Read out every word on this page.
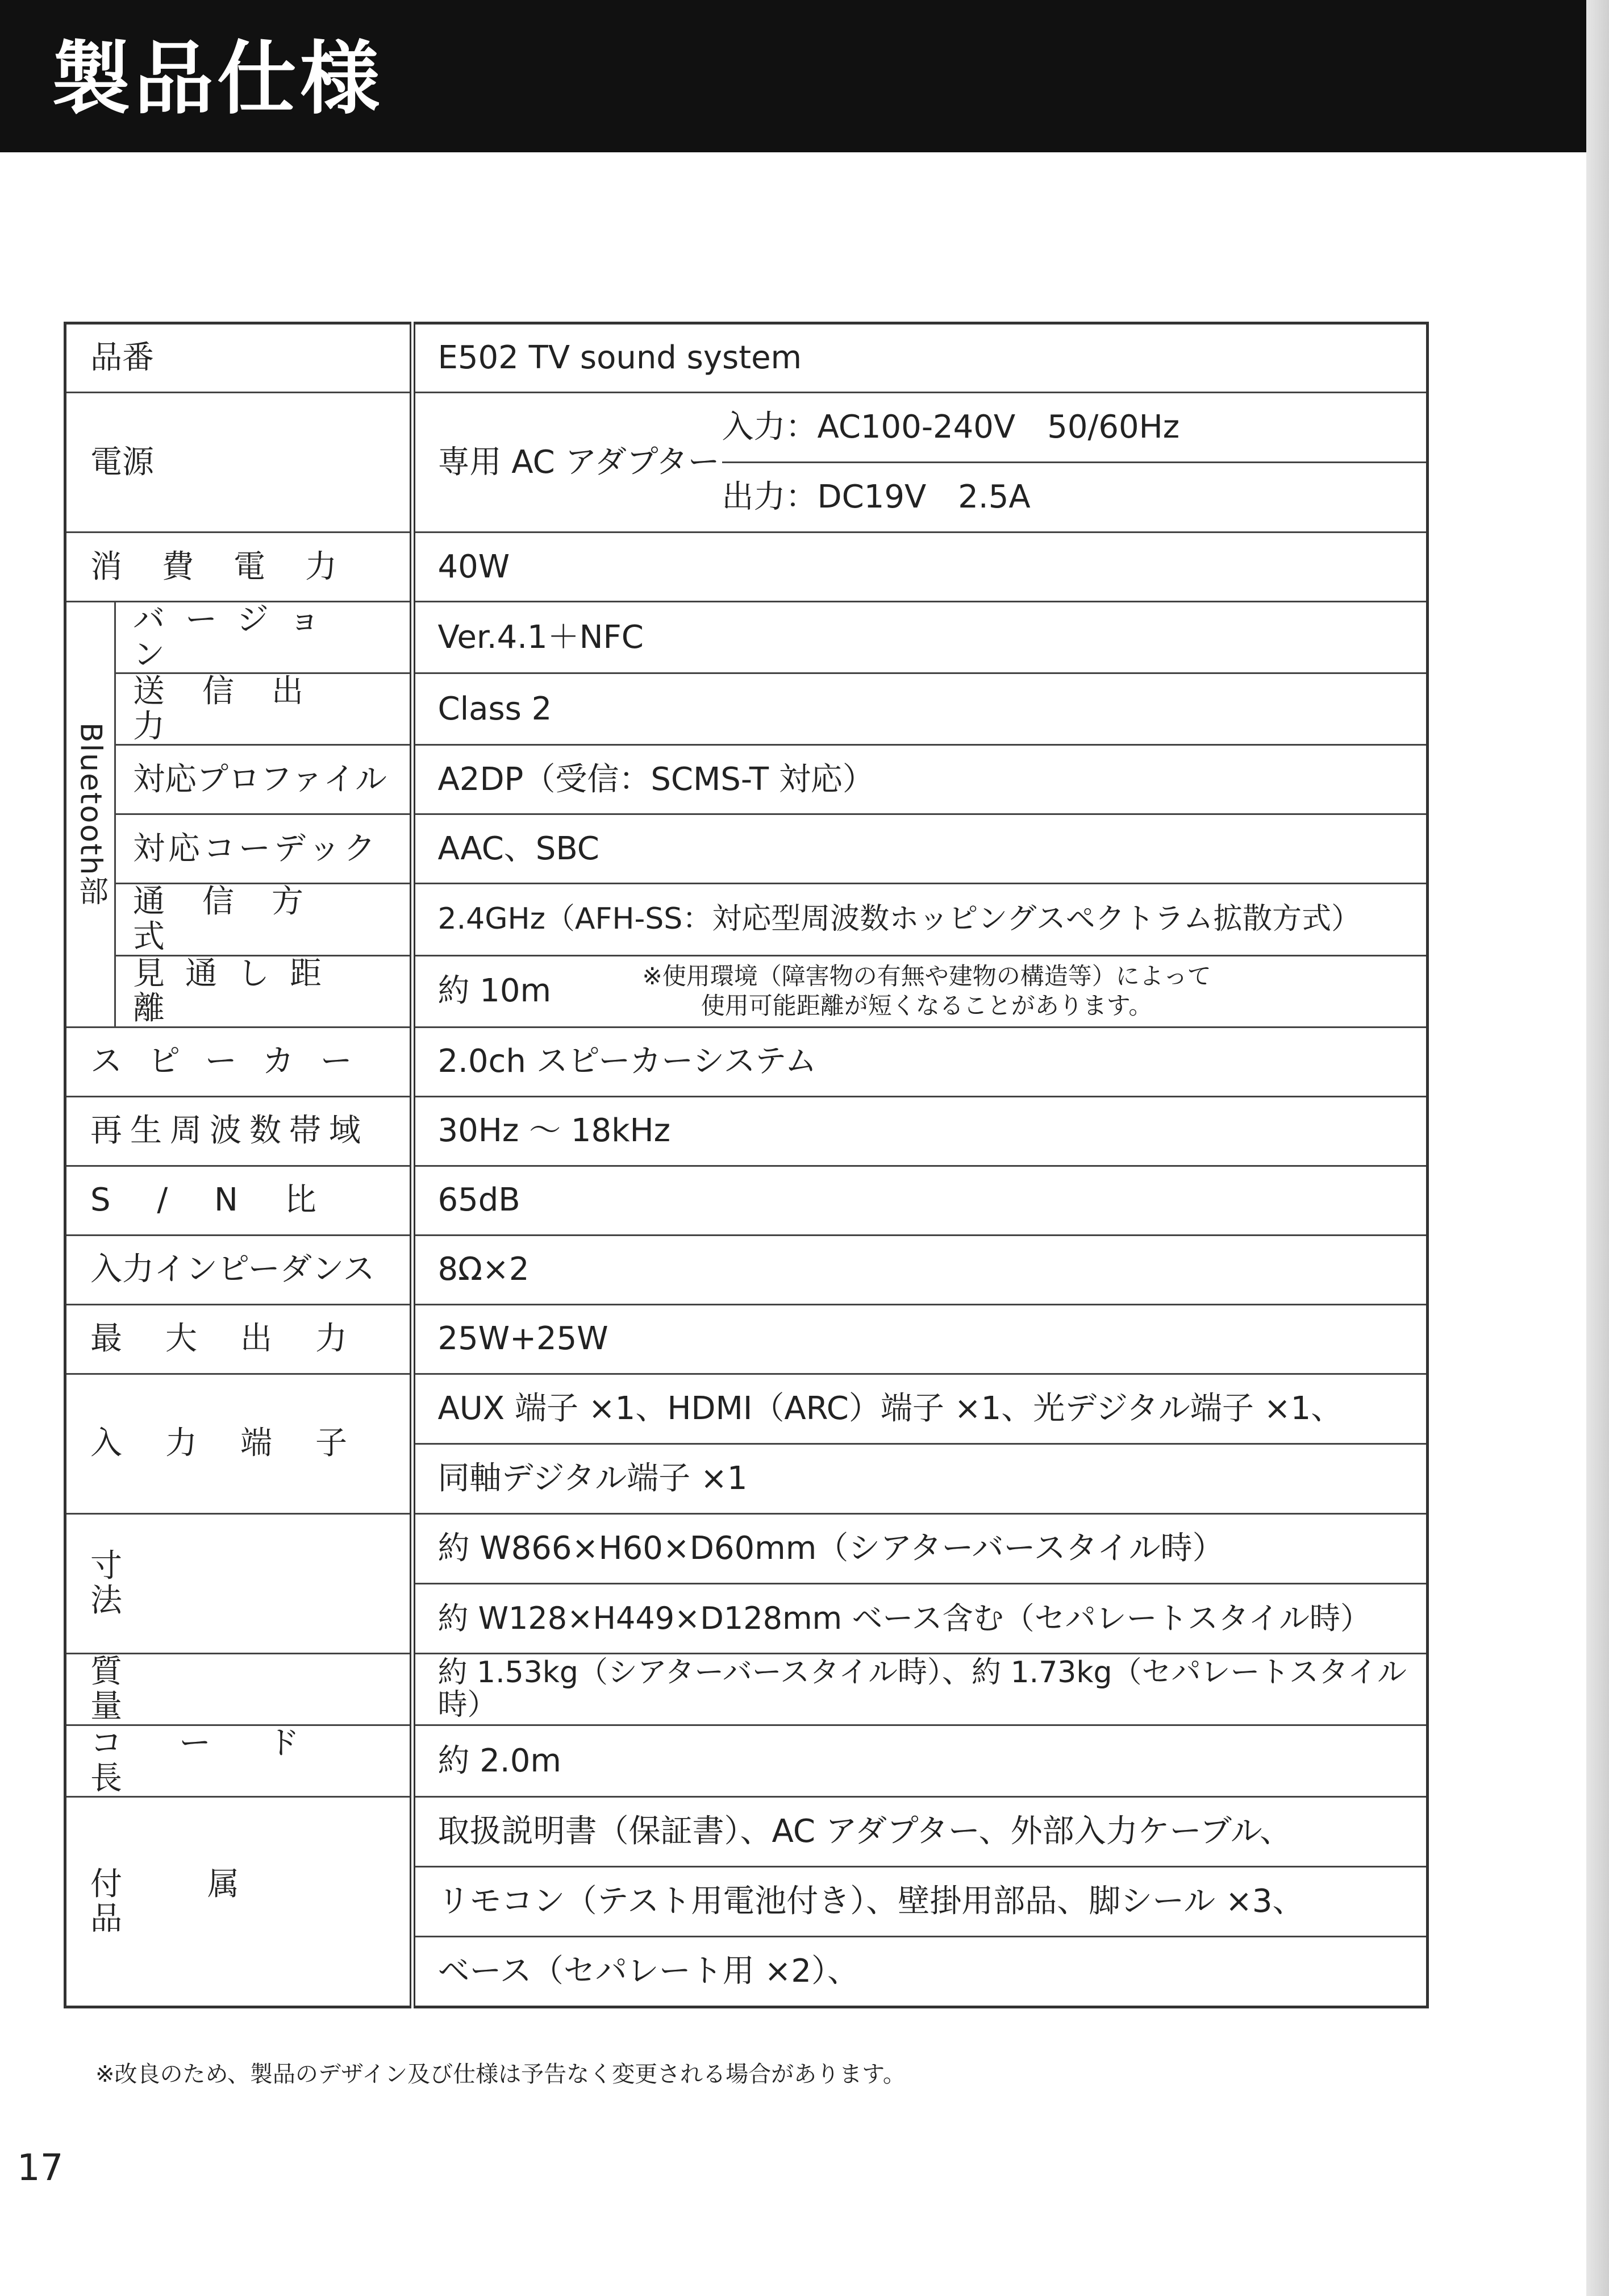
製品仕様
品番		E502 TV sound system

電源		専用 AC アダプター
入力：AC100-240V　50/60Hz
出力：DC19V　2.5A

消費電力		40W

Bluetooth部	バージョン	Ver.4.1＋NFC

	送信出力	Class 2

	対応プロファイル	A2DP（受信：SCMS-T 対応）

	対応コーデック	AAC、SBC

	通信方式	2.4GHz（AFH-SS：対応型周波数ホッピングスペクトラム拡散方式）

	見通し距離	約 10m ※使用環境（障害物の有無や建物の構造等）によって
使用可能距離が短くなることがあります。

スピーカー		2.0ch スピーカーシステム

再生周波数帯域		30Hz ～ 18kHz

S / N 比		65dB

入力インピーダンス		8Ω×2

最大出力		25W+25W

入力端子		AUX 端子 ×1、HDMI（ARC）端子 ×1、光デジタル端子 ×1、
同軸デジタル端子 ×1

寸法		約 W866×H60×D60mm（シアターバースタイル時）
約 W128×H449×D128mm ベース含む（セパレートスタイル時）

質量		約 1.53kg（シアターバースタイル時）、約 1.73kg（セパレートスタイル時）

コード長		約 2.0m

付属品		取扱説明書（保証書）、AC アダプター、外部入力ケーブル、
リモコン（テスト用電池付き）、壁掛用部品、脚シール ×3、
ベース（セパレート用 ×2）、
※改良のため、製品のデザイン及び仕様は予告なく変更される場合があります。
17
